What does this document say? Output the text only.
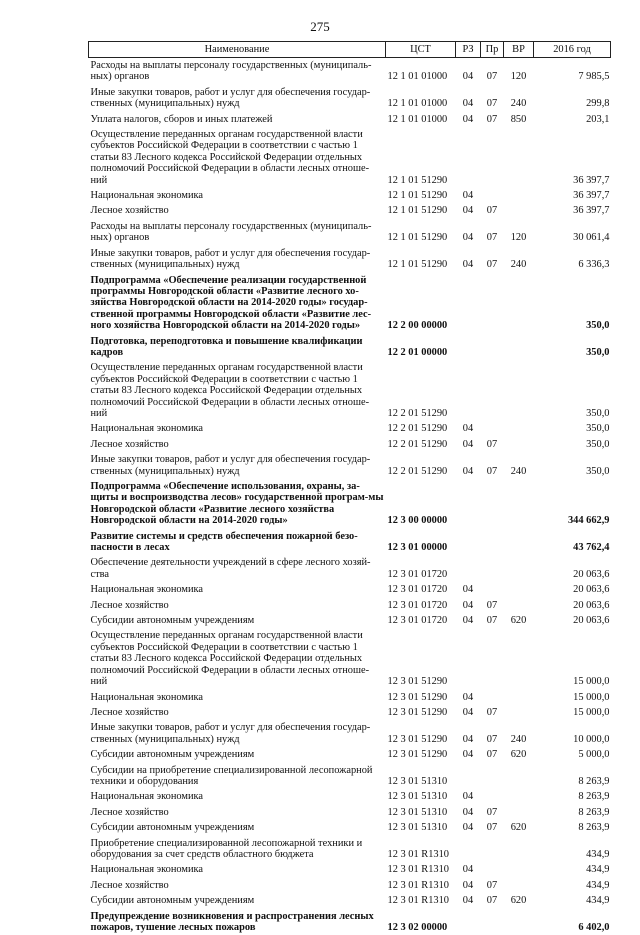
275
Наименование	ЦСТ	РЗ	Пр	ВР	2016 год
Расходы на выплаты персоналу государственных (муниципаль-ных) органов	12 1 01 01000	04	07	120	7 985,5
Иные закупки товаров, работ и услуг для обеспечения государ-ственных (муниципальных) нужд	12 1 01 01000	04	07	240	299,8
Уплата налогов, сборов и иных платежей	12 1 01 01000	04	07	850	203,1
Осуществление переданных органам государственной власти субъектов Российской Федерации в соответствии с частью 1 статьи 83 Лесного кодекса Российской Федерации отдельных полномочий Российской Федерации в области лесных отноше-ний	12 1 01 51290				36 397,7
Национальная экономика	12 1 01 51290	04			36 397,7
Лесное хозяйство	12 1 01 51290	04	07		36 397,7
Расходы на выплаты персоналу государственных (муниципаль-ных) органов	12 1 01 51290	04	07	120	30 061,4
Иные закупки товаров, работ и услуг для обеспечения государ-ственных (муниципальных) нужд	12 1 01 51290	04	07	240	6 336,3
Подпрограмма «Обеспечение реализации государственной программы Новгородской области «Развитие лесного хо-зяйства Новгородской области на 2014-2020 годы» государ-ственной программы Новгородской области «Развитие лес-ного хозяйства Новгородской области на 2014-2020 годы»	12 2 00 00000				350,0
Подготовка, переподготовка и повышение квалификации кадров	12 2 01 00000				350,0
Осуществление переданных органам государственной власти субъектов Российской Федерации в соответствии с частью 1 статьи 83 Лесного кодекса Российской Федерации отдельных полномочий Российской Федерации в области лесных отноше-ний	12 2 01 51290				350,0
Национальная экономика	12 2 01 51290	04			350,0
Лесное хозяйство	12 2 01 51290	04	07		350,0
Иные закупки товаров, работ и услуг для обеспечения государ-ственных (муниципальных) нужд	12 2 01 51290	04	07	240	350,0
Подпрограмма «Обеспечение использования, охраны, за-щиты и воспроизводства лесов» государственной програм-мы Новгородской области «Развитие лесного хозяйства Новгородской области на 2014-2020 годы»	12 3 00 00000				344 662,9
Развитие системы и средств обеспечения пожарной безо-пасности в лесах	12 3 01 00000				43 762,4
Обеспечение деятельности учреждений в сфере лесного хозяй-ства	12 3 01 01720				20 063,6
Национальная экономика	12 3 01 01720	04			20 063,6
Лесное хозяйство	12 3 01 01720	04	07		20 063,6
Субсидии автономным учреждениям	12 3 01 01720	04	07	620	20 063,6
Осуществление переданных органам государственной власти субъектов Российской Федерации в соответствии с частью 1 статьи 83 Лесного кодекса Российской Федерации отдельных полномочий Российской Федерации в области лесных отноше-ний	12 3 01 51290				15 000,0
Национальная экономика	12 3 01 51290	04			15 000,0
Лесное хозяйство	12 3 01 51290	04	07		15 000,0
Иные закупки товаров, работ и услуг для обеспечения государ-ственных (муниципальных) нужд	12 3 01 51290	04	07	240	10 000,0
Субсидии автономным учреждениям	12 3 01 51290	04	07	620	5 000,0
Субсидии на приобретение специализированной лесопожарной техники и оборудования	12 3 01 51310				8 263,9
Национальная экономика	12 3 01 51310	04			8 263,9
Лесное хозяйство	12 3 01 51310	04	07		8 263,9
Субсидии автономным учреждениям	12 3 01 51310	04	07	620	8 263,9
Приобретение специализированной лесопожарной техники и оборудования за счет средств областного бюджета	12 3 01 R1310				434,9
Национальная экономика	12 3 01 R1310	04			434,9
Лесное хозяйство	12 3 01 R1310	04	07		434,9
Субсидии автономным учреждениям	12 3 01 R1310	04	07	620	434,9
Предупреждение возникновения и распространения лесных пожаров, тушение лесных пожаров	12 3 02 00000				6 402,0
